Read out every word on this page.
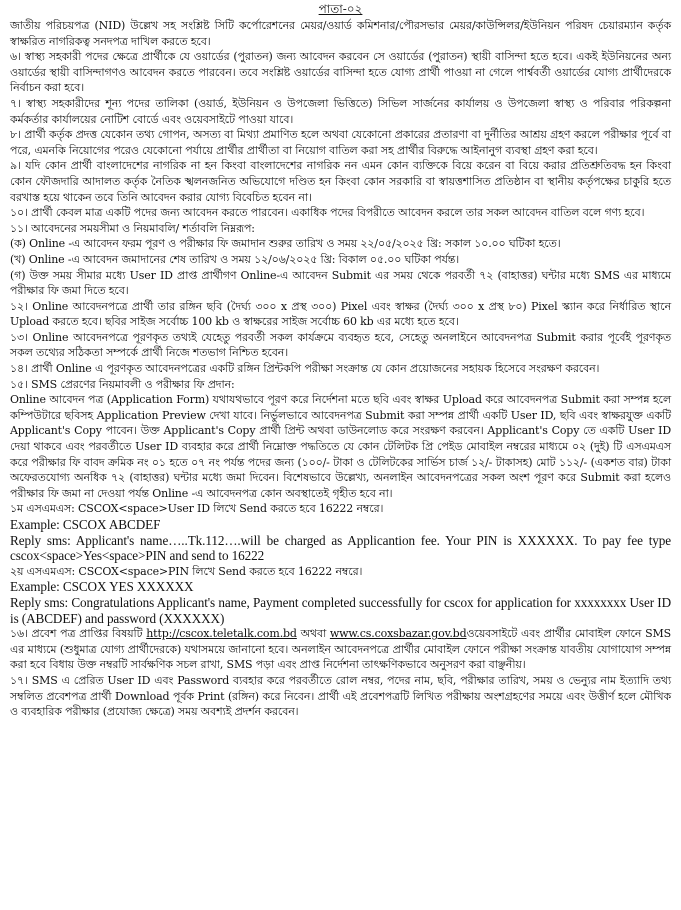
পাতা-০২

জাতীয় পরিচয়পত্র (NID) উল্লেখ সহ সংশ্লিষ্ট সিটি কর্পোরেশনের মেয়র/ওয়ার্ড কমিশনার/পৌরসভার মেয়র/কাউন্সিলর/ইউনিয়ন পরিষদ চেয়ারম্যান কর্তৃক স্বাক্ষরিত নাগরিকত্ব সনদপত্র দাখিল করতে হবে।

৬। স্বাস্থ্য সহকারী পদের ক্ষেত্রে প্রার্থীকে যে ওয়ার্ডের (পুরাতন) জন্য আবেদন করবেন সে ওয়ার্ডের (পুরাতন) স্থায়ী বাসিন্দা হতে হবে। একই ইউনিয়নের অন্য ওয়ার্ডের স্থায়ী বাসিন্দাগণও আবেদন করতে পারবেন। তবে সংশ্লিষ্ট ওয়ার্ডের বাসিন্দা হতে যোগ্য প্রার্থী পাওয়া না গেলে পার্শ্ববর্তী ওয়ার্ডের যোগ্য প্রার্থীদেরকে নির্বাচন করা হবে।

৭। স্বাস্থ্য সহকারীদের শূন্য পদের তালিকা (ওয়ার্ড, ইউনিয়ন ও উপজেলা ভিত্তিতে) সিভিল সার্জনের কার্যালয় ও উপজেলা স্বাস্থ্য ও পরিবার পরিকল্পনা কর্মকর্তার কার্যালয়ের নোটিশ বোর্ডে এবং ওয়েবসাইটে পাওয়া যাবে।

৮। প্রার্থী কর্তৃক প্রদত্ত যেকোন তথ্য গোপন, অসত্য বা মিথ্যা প্রমাণিত হলে অথবা যেকোনো প্রকারের প্রতারণা বা দুর্নীতির আশ্রয় গ্রহণ করলে পরীক্ষার পূর্বে বা পরে, এমনকি নিয়োগের পরেও যেকোনো পর্যায়ে প্রার্থীর প্রার্থীতা বা নিয়োগ বাতিল করা সহ প্রার্থীর বিরুদ্ধে আইনানুগ ব্যবস্থা গ্রহণ করা হবে।

৯। যদি কোন প্রার্থী বাংলাদেশের নাগরিক না হন কিংবা বাংলাদেশের নাগরিক নন এমন কোন ব্যক্তিকে বিয়ে করেন বা বিয়ে করার প্রতিশ্রুতিবদ্ধ হন কিংবা কোন ফৌজদারি আদালত কর্তৃক নৈতিক স্খলনজনিত অভিযোগে দণ্ডিত হন কিংবা কোন সরকারি বা স্বায়ত্তশাসিত প্রতিষ্ঠান বা স্থানীয় কর্তৃপক্ষের চাকুরি হতে বরখাস্ত হয়ে থাকেন তবে তিনি আবেদন করার যোগ্য বিবেচিত হবেন না।

১০। প্রার্থী কেবল মাত্র একটি পদের জন্য আবেদন করতে পারবেন। একাধিক পদের বিপরীতে আবেদন করলে তার সকল আবেদন বাতিল বলে গণ্য হবে।

১১। আবেদনের সময়সীমা ও নিয়মাবলি/ শর্তাবলি নিম্নরূপ:

(ক) Online -এ আবেদন ফরম পূরণ ও পরীক্ষার ফি জমাদান শুরুর তারিখ ও সময় ২২/০৫/২০২৫ খ্রি: সকাল ১০.০০ ঘটিকা হতে।

(খ) Online -এ আবেদন জমাদানের শেষ তারিখ ও সময় ১২/০৬/২০২৫ খ্রি: বিকাল ০৫.০০ ঘটিকা পর্যন্ত।

(গ) উক্ত সময় সীমার মধ্যে User ID প্রাপ্ত প্রার্থীগণ Online-এ আবেদন Submit এর সময় থেকে পরবর্তী ৭২ (বাহাত্তর) ঘন্টার মধ্যে SMS এর মাধ্যমে পরীক্ষার ফি জমা দিতে হবে।

১২। Online আবেদনপত্রে প্রার্থী তার রঙ্গিন ছবি (দৈর্ঘ্য ৩০০ x প্রস্থ ৩০০) Pixel এবং স্বাক্ষর (দৈর্ঘ্য ৩০০ x প্রস্থ ৮০) Pixel স্ক্যান করে নির্ধারিত স্থানে Upload করতে হবে। ছবির সাইজ সর্বোচ্চ 100 kb ও স্বাক্ষরের সাইজ সর্বোচ্চ 60 kb এর মধ্যে হতে হবে।

১৩। Online আবেদনপত্রে পূরণকৃত তথ্যই যেহেতু পরবর্তী সকল কার্যক্রমে ব্যবহৃত হবে, সেহেতু অনলাইনে আবেদনপত্র Submit করার পূর্বেই পূরণকৃত সকল তথ্যের সঠিকতা সম্পর্কে প্রার্থী নিজে শতভাগ নিশ্চিত হবেন।

১৪। প্রার্থী Online এ পূরণকৃত আবেদনপত্রের একটি রঙ্গিন প্রিন্টকপি পরীক্ষা সংক্রান্ত যে কোন প্রয়োজনের সহায়ক হিসেবে সংরক্ষণ করবেন।

১৫। SMS প্রেরণের নিয়মাবলী ও পরীক্ষার ফি প্রদান:

Online আবেদন পত্র (Application Form) যথাযথভাবে পূরণ করে নির্দেশনা মতে ছবি এবং স্বাক্ষর Upload করে আবেদনপত্র Submit করা সম্পন্ন হলে কম্পিউটারে ছবিসহ Application Preview দেখা যাবে। নির্ভুলভাবে আবেদনপত্র Submit করা সম্পন্ন প্রার্থী একটি User ID, ছবি এবং স্বাক্ষরযুক্ত একটি Applicant's Copy পাবেন। উক্ত Applicant's Copy প্রার্থী প্রিন্ট অথবা ডাউনলোড করে সংরক্ষণ করবেন। Applicant's Copy তে একটি User ID দেয়া থাকবে এবং পরবর্তীতে User ID ব্যবহার করে প্রার্থী নিম্নোক্ত পদ্ধতিতে যে কোন টেলিটক প্রি পেইড মোবাইল নম্বরের মাধ্যমে ০২ (দুই) টি এসএমএস করে পরীক্ষার ফি বাবদ ক্রমিক নং ০১ হতে ০৭ নং পর্যন্ত পদের জন্য (১০০/- টাকা ও টেলিটকের সার্ভিস চার্জ ১২/- টাকাসহ) মোট ১১২/- (একশত বার) টাকা অফেরতযোগ্য অনধিক ৭২ (বাহাত্তর) ঘন্টার মধ্যে জমা দিবেন। বিশেষভাবে উল্লেখ্য, অনলাইন আবেদনপত্রের সকল অংশ পূরণ করে Submit করা হলেও পরীক্ষার ফি জমা না দেওয়া পর্যন্ত Online -এ আবেদনপত্র কোন অবস্থাতেই গৃহীত হবে না।

১ম এসএমএস: CSCOX<space>User ID লিখে Send করতে হবে 16222 নম্বরে।

Example: CSCOX ABCDEF

Reply sms: Applicant's name…..Tk.112….will be charged as Applicantion fee. Your PIN is XXXXXX. To pay fee type cscox<space>Yes<space>PIN and send to 16222

২য় এসএমএস: CSCOX<space>PIN লিখে Send করতে হবে 16222 নম্বরে।

Example: CSCOX YES XXXXXX

Reply sms: Congratulations Applicant's name, Payment completed successfully for cscox for application for xxxxxxxx User ID is (ABCDEF) and password (XXXXXX)

১৬। প্রবেশ পত্র প্রাপ্তির বিষয়টি http://cscox.teletalk.com.bd অথবা www.cs.coxsbazar.gov.bdওয়েবসাইটে এবং প্রার্থীর মোবাইল ফোনে SMS এর মাধ্যমে (শুধুমাত্র যোগ্য প্রার্থীদেরকে) যথাসময়ে জানানো হবে। অনলাইন আবেদনপত্রে প্রার্থীর মোবাইল ফোনে পরীক্ষা সংক্রান্ত যাবতীয় যোগাযোগ সম্পন্ন করা হবে বিধায় উক্ত নম্বরটি সার্বক্ষণিক সচল রাখা, SMS পড়া এবং প্রাপ্ত নির্দেশনা তাৎক্ষণিকভাবে অনুসরণ করা বাঞ্ছনীয়।

১৭। SMS এ প্রেরিত User ID এবং Password ব্যবহার করে পরবর্তীতে রোল নম্বর, পদের নাম, ছবি, পরীক্ষার তারিখ, সময় ও ভেন্যুর নাম ইত্যাদি তথ্য সম্বলিত প্রবেশপত্র প্রার্থী Download পূর্বক Print (রঙ্গিন) করে নিবেন। প্রার্থী এই প্রবেশপত্রটি লিখিত পরীক্ষায় অংশগ্রহণের সময়ে এবং উত্তীর্ণ হলে মৌখিক ও ব্যবহারিক পরীক্ষার (প্রযোজ্য ক্ষেত্রে) সময় অবশ্যই প্রদর্শন করবেন।
